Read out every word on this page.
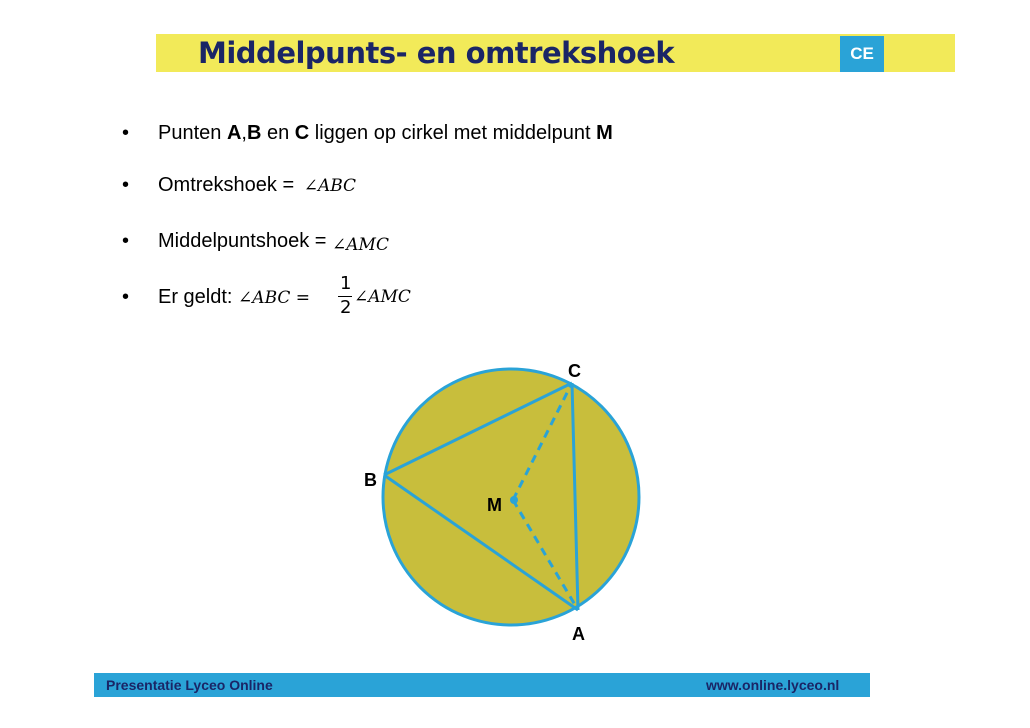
Middelpunts- en omtrekshoek	CE
• Punten A,B en C liggen op cirkel met middelpunt M
• Omtrekshoek = ∠ABC
• Middelpuntshoek = ∠AMC
• Er geldt: ∠ABC =
1
2 ∠AMC
C
B
M
A
Presentatie Lyceo Online	www.online.lyceo.nl
